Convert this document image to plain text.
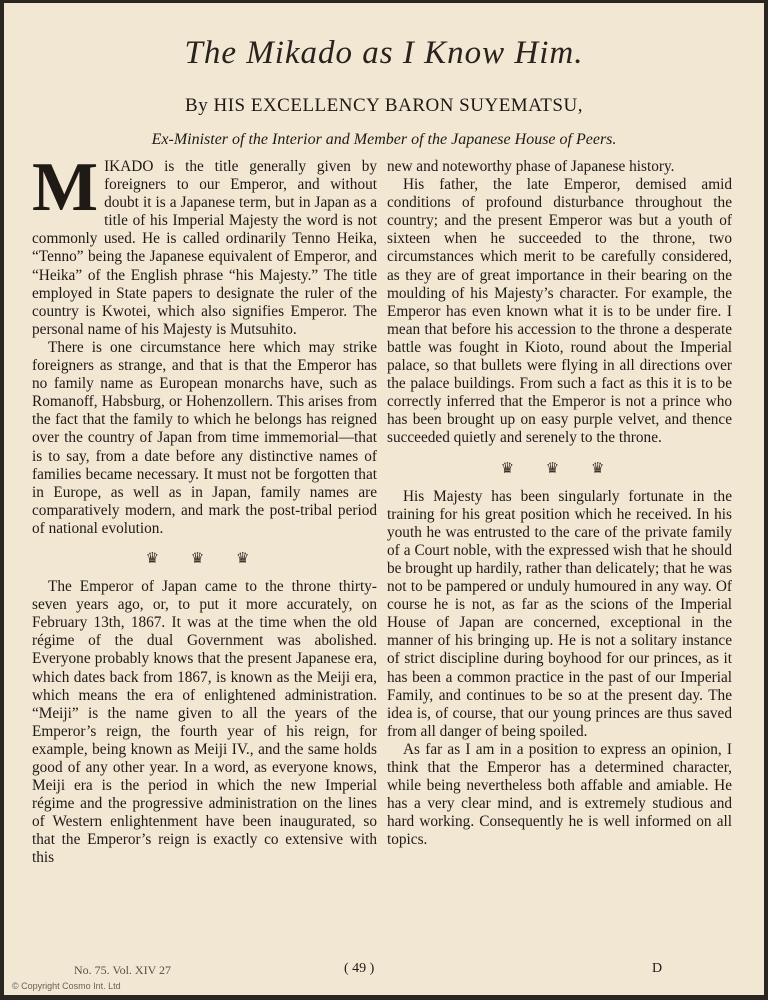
The Mikado as I Know Him.
By HIS EXCELLENCY BARON SUYEMATSU,
Ex-Minister of the Interior and Member of the Japanese House of Peers.

MIKADO is the title generally given by foreigners to our Emperor, and without doubt it is a Japanese term, but in Japan as a title of his Imperial Majesty the word is not commonly used. He is called ordinarily Tenno Heika, “Tenno” being the Japanese equivalent of Emperor, and “Heika” of the English phrase “his Majesty.” The title employed in State papers to designate the ruler of the country is Kwotei, which also signifies Emperor. The personal name of his Majesty is Mutsuhito.

There is one circumstance here which may strike foreigners as strange, and that is that the Emperor has no family name as European monarchs have, such as Romanoff, Habsburg, or Hohenzollern. This arises from the fact that the family to which he belongs has reigned over the country of Japan from time immemorial—that is to say, from a date before any distinctive names of families became necessary. It must not be forgotten that in Europe, as well as in Japan, family names are comparatively modern, and mark the post-tribal period of national evolution.

♛ ♛ ♛

The Emperor of Japan came to the throne thirty-seven years ago, or, to put it more accurately, on February 13th, 1867. It was at the time when the old régime of the dual Government was abolished. Everyone probably knows that the present Japanese era, which dates back from 1867, is known as the Meiji era, which means the era of enlightened administration. “Meiji” is the name given to all the years of the Emperor’s reign, the fourth year of his reign, for example, being known as Meiji IV., and the same holds good of any other year. In a word, as everyone knows, Meiji era is the period in which the new Imperial régime and the progressive administration on the lines of Western enlightenment have been inaugurated, so that the Emperor’s reign is exactly co extensive with this

new and noteworthy phase of Japanese history.

His father, the late Emperor, demised amid conditions of profound disturbance throughout the country; and the present Emperor was but a youth of sixteen when he succeeded to the throne, two circumstances which merit to be carefully considered, as they are of great importance in their bearing on the moulding of his Majesty’s character. For example, the Emperor has even known what it is to be under fire. I mean that before his accession to the throne a desperate battle was fought in Kioto, round about the Imperial palace, so that bullets were flying in all directions over the palace buildings. From such a fact as this it is to be correctly inferred that the Emperor is not a prince who has been brought up on easy purple velvet, and thence succeeded quietly and serenely to the throne.

♛ ♛ ♛

His Majesty has been singularly fortunate in the training for his great position which he received. In his youth he was entrusted to the care of the private family of a Court noble, with the expressed wish that he should be brought up hardily, rather than delicately; that he was not to be pampered or unduly humoured in any way. Of course he is not, as far as the scions of the Imperial House of Japan are concerned, exceptional in the manner of his bringing up. He is not a solitary instance of strict discipline during boyhood for our princes, as it has been a common practice in the past of our Imperial Family, and continues to be so at the present day. The idea is, of course, that our young princes are thus saved from all danger of being spoiled.

As far as I am in a position to express an opinion, I think that the Emperor has a determined character, while being nevertheless both affable and amiable. He has a very clear mind, and is extremely studious and hard working. Consequently he is well informed on all topics.

No. 75. Vol. XIV 27	( 49 )	D
© Copyright Cosmo Int. Ltd
